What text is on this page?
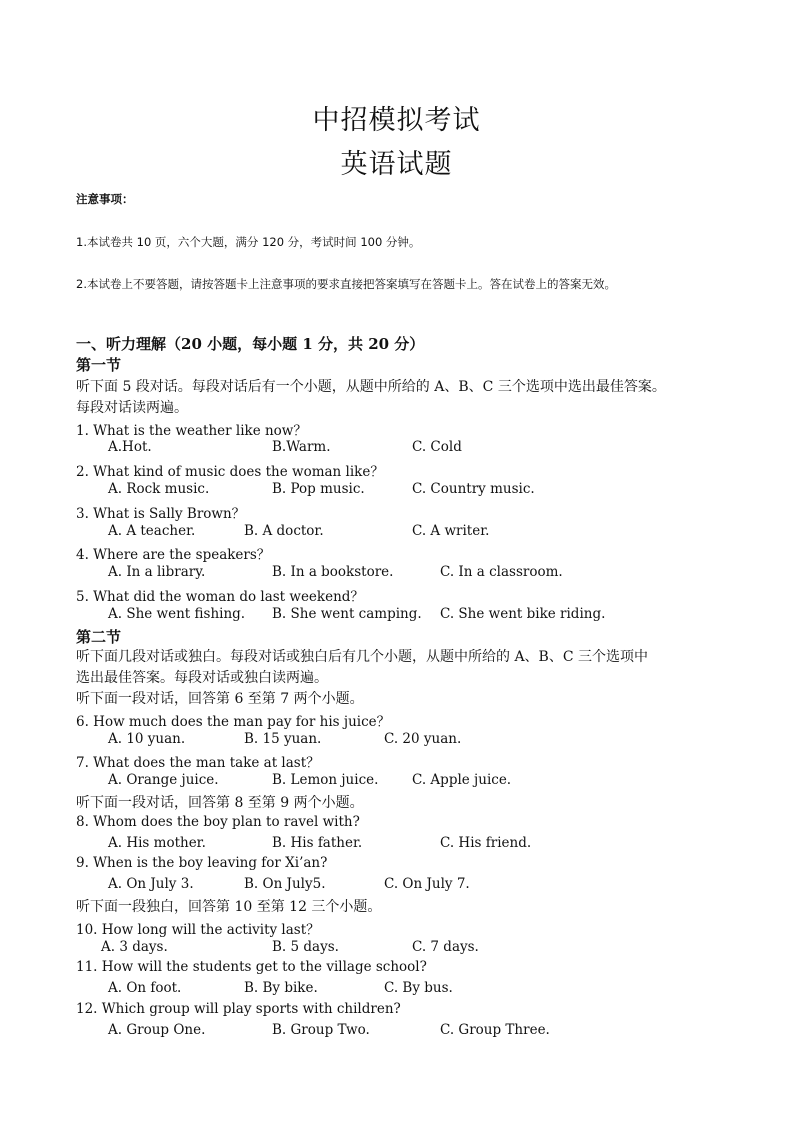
中招模拟考试
英语试题
注意事项：
1.本试卷共 10 页，六个大题，满分 120 分，考试时间 100 分钟。
2.本试卷上不要答题，请按答题卡上注意事项的要求直接把答案填写在答题卡上。答在试卷上的答案无效。
一、听力理解（20 小题，每小题 1 分，共 20 分）
第一节
听下面 5 段对话。每段对话后有一个小题，从题中所给的 A、B、C 三个选项中选出最佳答案。
每段对话读两遍。
1. What is the weather like now？
A.Hot.	B.Warm.	C. Cold
2. What kind of music does the woman like？
A. Rock music.	B. Pop music.	C. Country music.
3. What is Sally Brown？
A. A teacher.	B. A doctor.	C. A writer.
4. Where are the speakers？
A. In a library.	B. In a bookstore.	C. In a classroom.
5. What did the woman do last weekend？
A. She went fishing. B. She went camping. C. She went bike riding.
第二节
听下面几段对话或独白。每段对话或独白后有几个小题，从题中所给的 A、B、C 三个选项中
选出最佳答案。每段对话或独白读两遍。
听下面一段对话，回答第 6 至第 7 两个小题。
6. How much does the man pay for his juice？
A. 10 yuan.	B. 15 yuan.	C. 20 yuan.
7. What does the man take at last？
A. Orange juice.	B. Lemon juice. C. Apple juice.
听下面一段对话，回答第 8 至第 9 两个小题。
8. Whom does the boy plan to ravel with?
A. His mother.	B. His father.	C. His friend.
9. When is the boy leaving for Xi’an?
A. On July 3.	B. On July5.	C. On July 7.
听下面一段独白，回答第 10 至第 12 三个小题。
10. How long will the activity last？
A. 3 days.	B. 5 days.	C. 7 days.
11. How will the students get to the village school?
A. On foot.	B. By bike.	C. By bus.
12. Which group will play sports with children?
A. Group One.	B. Group Two.	C. Group Three.
